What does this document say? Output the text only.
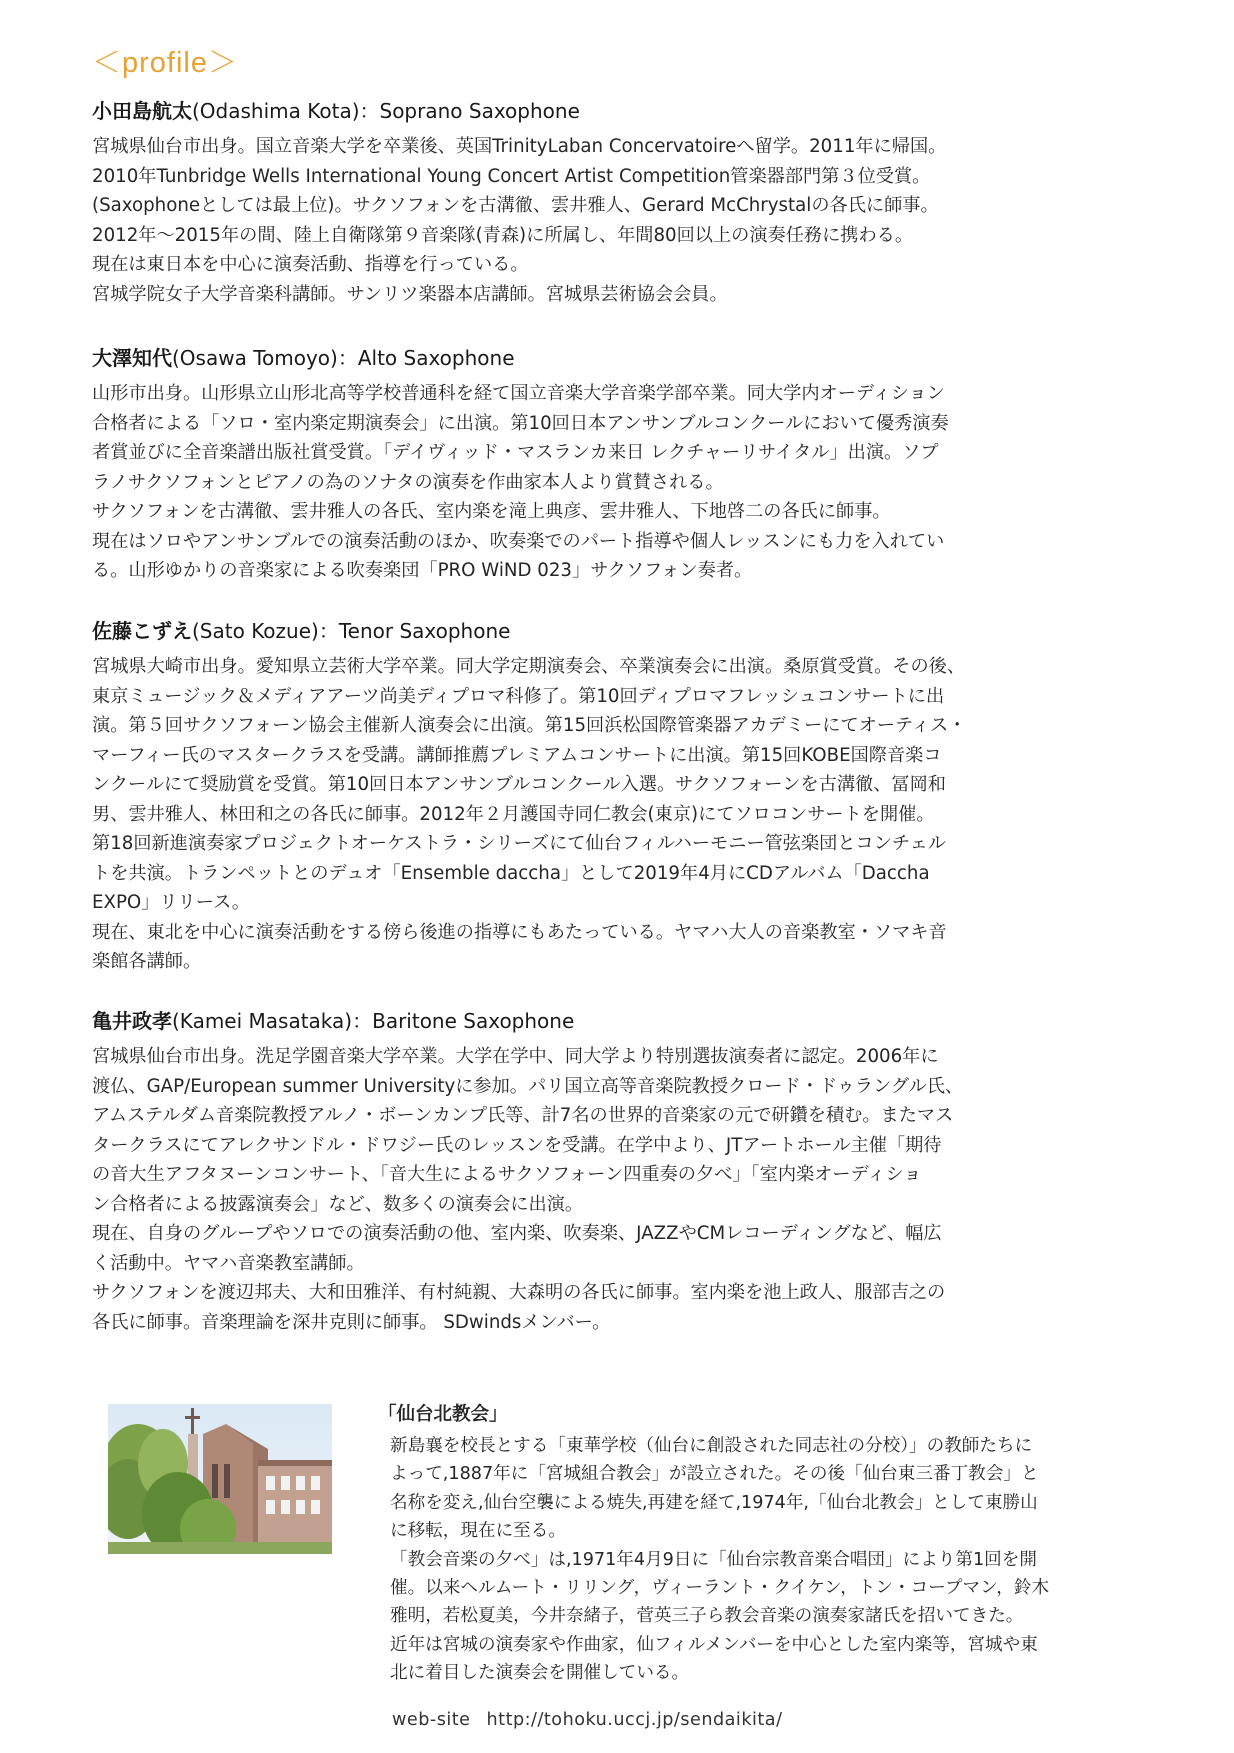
＜profile＞
小田島航太(Odashima Kota)：Soprano Saxophone

宮城県仙台市出身。国立音楽大学を卒業後、英国TrinityLaban Concervatoireへ留学。2011年に帰国。
2010年Tunbridge Wells International Young Concert Artist Competition管楽器部門第３位受賞。
(Saxophoneとしては最上位)。サクソフォンを古溝徹、雲井雅人、Gerard McChrystalの各氏に師事。
2012年～2015年の間、陸上自衛隊第９音楽隊(青森)に所属し、年間80回以上の演奏任務に携わる。
現在は東日本を中心に演奏活動、指導を行っている。
宮城学院女子大学音楽科講師。サンリツ楽器本店講師。宮城県芸術協会会員。

大澤知代(Osawa Tomoyo)：Alto Saxophone

山形市出身。山形県立山形北高等学校普通科を経て国立音楽大学音楽学部卒業。同大学内オーディション
合格者による「ソロ・室内楽定期演奏会」に出演。第10回日本アンサンブルコンクールにおいて優秀演奏
者賞並びに全音楽譜出版社賞受賞。「デイヴィッド・マスランカ来日 レクチャーリサイタル」出演。ソプ
ラノサクソフォンとピアノの為のソナタの演奏を作曲家本人より賞賛される。
サクソフォンを古溝徹、雲井雅人の各氏、室内楽を滝上典彦、雲井雅人、下地啓二の各氏に師事。
現在はソロやアンサンブルでの演奏活動のほか、吹奏楽でのパート指導や個人レッスンにも力を入れてい
る。山形ゆかりの音楽家による吹奏楽団「PRO WiND 023」サクソフォン奏者。

佐藤こずえ(Sato Kozue)：Tenor Saxophone

宮城県大崎市出身。愛知県立芸術大学卒業。同大学定期演奏会、卒業演奏会に出演。桑原賞受賞。その後、
東京ミュージック＆メディアアーツ尚美ディプロマ科修了。第10回ディプロマフレッシュコンサートに出
演。第５回サクソフォーン協会主催新人演奏会に出演。第15回浜松国際管楽器アカデミーにてオーティス・
マーフィー氏のマスタークラスを受講。講師推薦プレミアムコンサートに出演。第15回KOBE国際音楽コ
ンクールにて奨励賞を受賞。第10回日本アンサンブルコンクール入選。サクソフォーンを古溝徹、冨岡和
男、雲井雅人、林田和之の各氏に師事。2012年２月護国寺同仁教会(東京)にてソロコンサートを開催。
第18回新進演奏家プロジェクトオーケストラ・シリーズにて仙台フィルハーモニー管弦楽団とコンチェル
トを共演。トランペットとのデュオ「Ensemble daccha」として2019年4月にCDアルバム「Daccha
EXPO」リリース。
現在、東北を中心に演奏活動をする傍ら後進の指導にもあたっている。ヤマハ大人の音楽教室・ソマキ音
楽館各講師。

亀井政孝(Kamei Masataka)：Baritone Saxophone

宮城県仙台市出身。洗足学園音楽大学卒業。大学在学中、同大学より特別選抜演奏者に認定。2006年に
渡仏、GAP/European summer Universityに参加。パリ国立高等音楽院教授クロード・ドゥラングル氏、
アムステルダム音楽院教授アルノ・ボーンカンプ氏等、計7名の世界的音楽家の元で研鑽を積む。またマス
タークラスにてアレクサンドル・ドワジー氏のレッスンを受講。在学中より、JTアートホール主催「期待
の音大生アフタヌーンコンサート、「音大生によるサクソフォーン四重奏の夕べ」「室内楽オーディショ
ン合格者による披露演奏会」など、数多くの演奏会に出演。
現在、自身のグループやソロでの演奏活動の他、室内楽、吹奏楽、JAZZやCMレコーディングなど、幅広
く活動中。ヤマハ音楽教室講師。
サクソフォンを渡辺邦夫、大和田雅洋、有村純親、大森明の各氏に師事。室内楽を池上政人、服部吉之の
各氏に師事。音楽理論を深井克則に師事。 SDwindsメンバー。

「仙台北教会」

新島襄を校長とする「東華学校（仙台に創設された同志社の分校）」の教師たちに
よって,1887年に「宮城組合教会」が設立された。その後「仙台東三番丁教会」と
名称を変え,仙台空襲による焼失,再建を経て,1974年,「仙台北教会」として東勝山
に移転，現在に至る。
「教会音楽の夕べ」は,1971年4月9日に「仙台宗教音楽合唱団」により第1回を開
催。以来ヘルムート・リリング，ヴィーラント・クイケン，トン・コープマン，鈴木
雅明，若松夏美，今井奈緒子，菅英三子ら教会音楽の演奏家諸氏を招いてきた。
近年は宮城の演奏家や作曲家，仙フィルメンバーを中心とした室内楽等，宮城や東
北に着目した演奏会を開催している。

web-site http://tohoku.uccj.jp/sendaikita/
